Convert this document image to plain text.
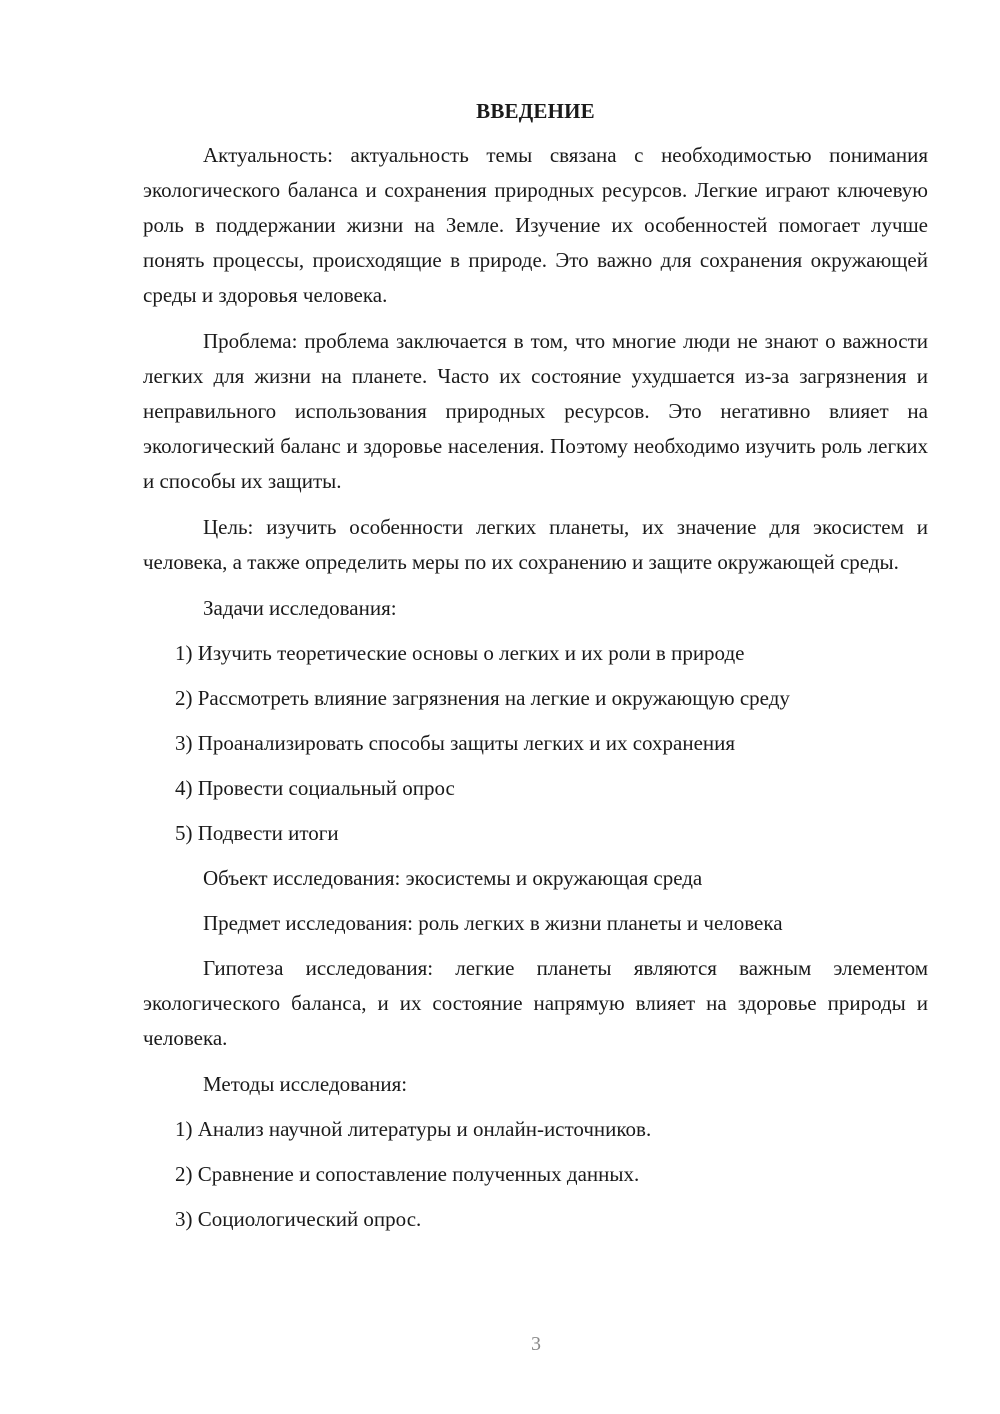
ВВЕДЕНИЕ

Актуальность: актуальность темы связана с необходимостью понимания экологического баланса и сохранения природных ресурсов. Легкие играют ключевую роль в поддержании жизни на Земле. Изучение их особенностей помогает лучше понять процессы, происходящие в природе. Это важно для сохранения окружающей среды и здоровья человека.

Проблема: проблема заключается в том, что многие люди не знают о важности легких для жизни на планете. Часто их состояние ухудшается из-за загрязнения и неправильного использования природных ресурсов. Это негативно влияет на экологический баланс и здоровье населения. Поэтому необходимо изучить роль легких и способы их защиты.

Цель: изучить особенности легких планеты, их значение для экосистем и человека, а также определить меры по их сохранению и защите окружающей среды.

Задачи исследования:
1) Изучить теоретические основы о легких и их роли в природе
2) Рассмотреть влияние загрязнения на легкие и окружающую среду
3) Проанализировать способы защиты легких и их сохранения
4) Провести социальный опрос
5) Подвести итоги
Объект исследования: экосистемы и окружающая среда
Предмет исследования: роль легких в жизни планеты и человека

Гипотеза исследования: легкие планеты являются важным элементом экологического баланса, и их состояние напрямую влияет на здоровье природы и человека.

Методы исследования:
1) Анализ научной литературы и онлайн-источников.
2) Сравнение и сопоставление полученных данных.
3) Социологический опрос.
3
